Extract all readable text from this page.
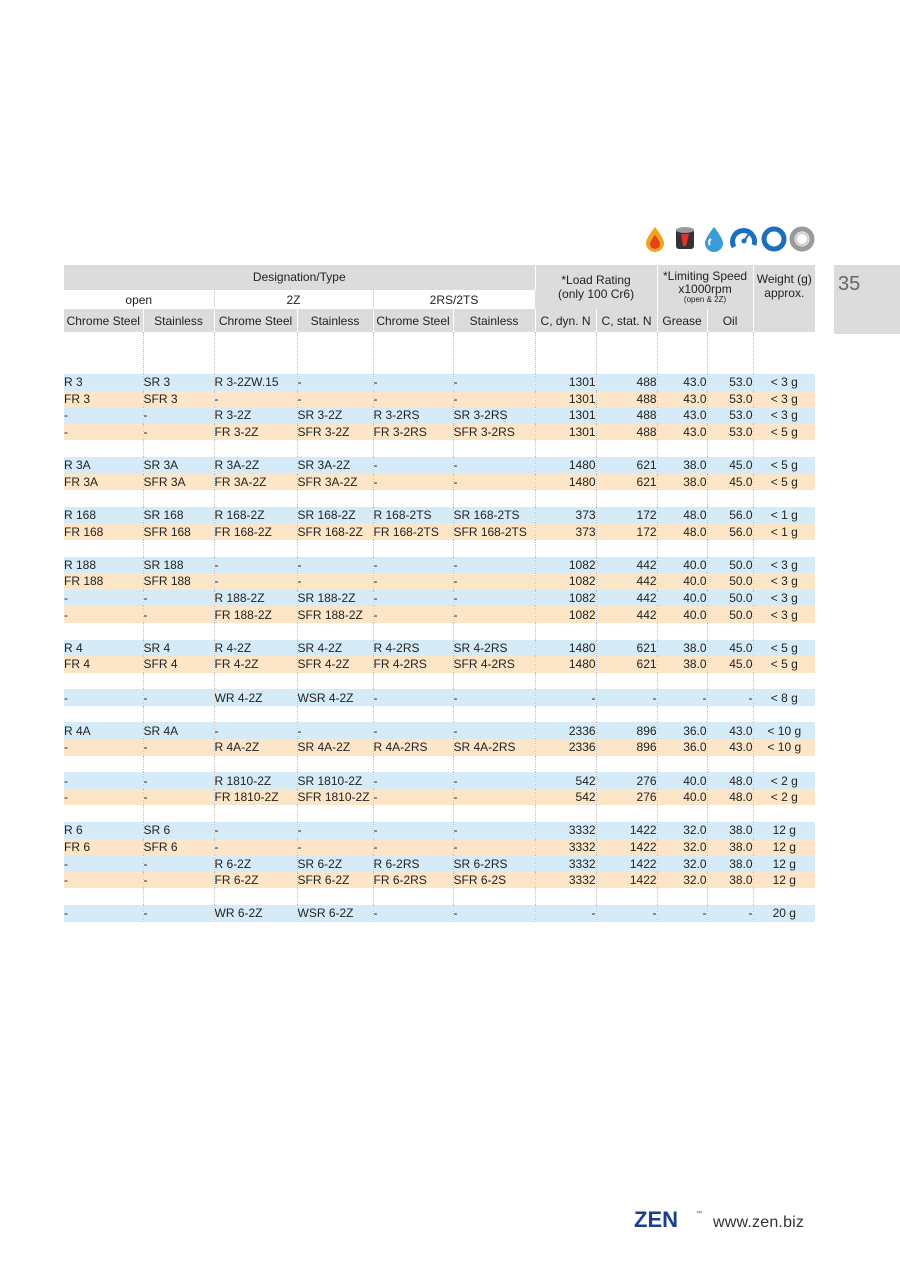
35
Designation/Type						*Load Rating
(only 100 Cr6)		*Limiting Speed
x1000rpm
(open & 2Z)		Weight (g)
approx.
open		2Z		2RS/2TS						
Chrome Steel	Stainless	Chrome Steel	Stainless	Chrome Steel	Stainless	C, dyn. N	C, stat. N	Grease	Oil	

R 3	SR 3	R 3-2ZW.15	-	-	-	1301	488	43.0	53.0	< 3 g
FR 3	SFR 3	-	-	-	-	1301	488	43.0	53.0	< 3 g
-	-	R 3-2Z	SR 3-2Z	R 3-2RS	SR 3-2RS	1301	488	43.0	53.0	< 3 g
-	-	FR 3-2Z	SFR 3-2Z	FR 3-2RS	SFR 3-2RS	1301	488	43.0	53.0	< 5 g

R 3A	SR 3A	R 3A-2Z	SR 3A-2Z	-	-	1480	621	38.0	45.0	< 5 g
FR 3A	SFR 3A	FR 3A-2Z	SFR 3A-2Z	-	-	1480	621	38.0	45.0	< 5 g

R 168	SR 168	R 168-2Z	SR 168-2Z	R 168-2TS	SR 168-2TS	373	172	48.0	56.0	< 1 g
FR 168	SFR 168	FR 168-2Z	SFR 168-2Z	FR 168-2TS	SFR 168-2TS	373	172	48.0	56.0	< 1 g

R 188	SR 188	-	-	-	-	1082	442	40.0	50.0	< 3 g
FR 188	SFR 188	-	-	-	-	1082	442	40.0	50.0	< 3 g
-	-	R 188-2Z	SR 188-2Z	-	-	1082	442	40.0	50.0	< 3 g
-	-	FR 188-2Z	SFR 188-2Z	-	-	1082	442	40.0	50.0	< 3 g

R 4	SR 4	R 4-2Z	SR 4-2Z	R 4-2RS	SR 4-2RS	1480	621	38.0	45.0	< 5 g
FR 4	SFR 4	FR 4-2Z	SFR 4-2Z	FR 4-2RS	SFR 4-2RS	1480	621	38.0	45.0	< 5 g

-	-	WR 4-2Z	WSR 4-2Z	-	-	-	-	-	-	< 8 g

R 4A	SR 4A	-	-	-	-	2336	896	36.0	43.0	< 10 g
-	-	R 4A-2Z	SR 4A-2Z	R 4A-2RS	SR 4A-2RS	2336	896	36.0	43.0	< 10 g

-	-	R 1810-2Z	SR 1810-2Z	-	-	542	276	40.0	48.0	< 2 g
-	-	FR 1810-2Z	SFR 1810-2Z	-	-	542	276	40.0	48.0	< 2 g

R 6	SR 6	-	-	-	-	3332	1422	32.0	38.0	12 g
FR 6	SFR 6	-	-	-	-	3332	1422	32.0	38.0	12 g
-	-	R 6-2Z	SR 6-2Z	R 6-2RS	SR 6-2RS	3332	1422	32.0	38.0	12 g
-	-	FR 6-2Z	SFR 6-2Z	FR 6-2RS	SFR 6-2S	3332	1422	32.0	38.0	12 g

-	-	WR 6-2Z	WSR 6-2Z	-	-	-	-	-	-	20 g
ZEN	™ www.zen.biz
